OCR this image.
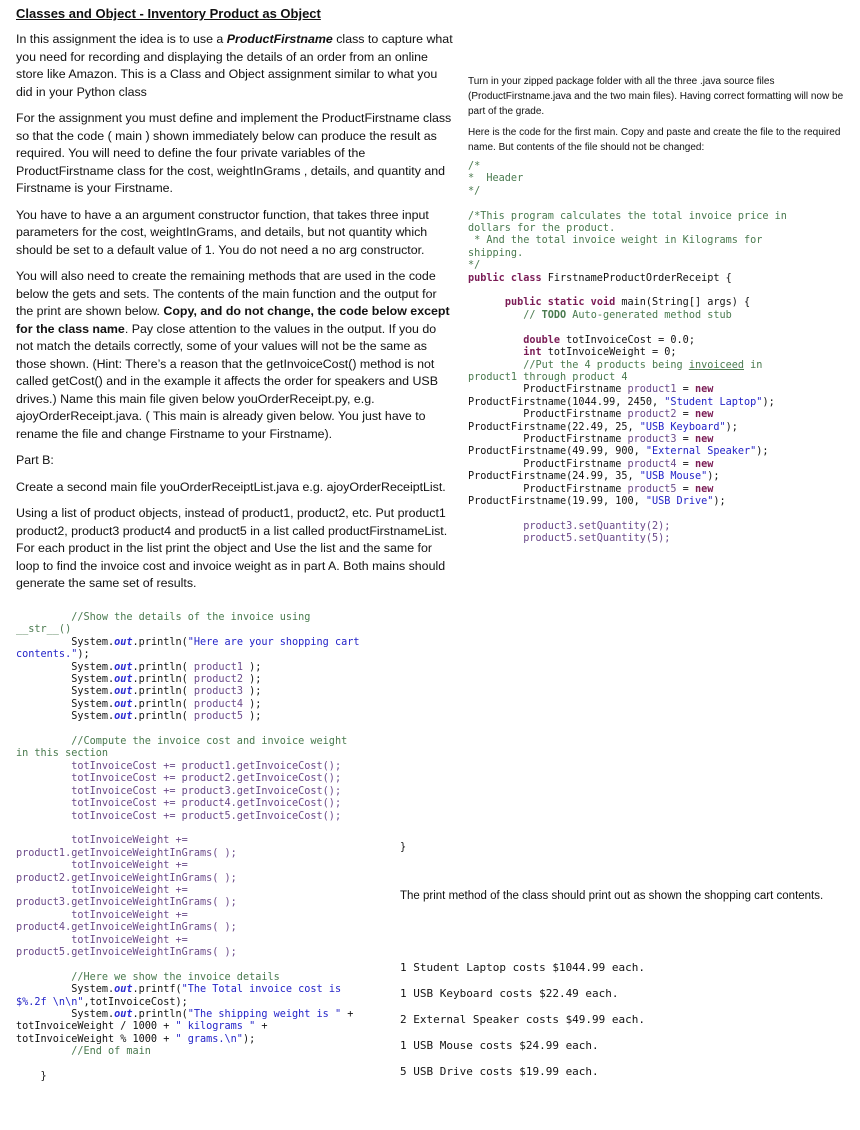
Classes and Object - Inventory Product as Object

In this assignment the idea is to use a ProductFirstname class to capture what you need for recording and displaying the details of an order from an online store like Amazon. This is a Class and Object assignment similar to what you did in your Python class

For the assignment you must define and implement the ProductFirstname class so that the code ( main ) shown immediately below can produce the result as required. You will need to define the four private variables of the ProductFirstname class for the cost, weightInGrams , details, and quantity and Firstname is your Firstname.

You have to have a an argument constructor function, that takes three input parameters for the cost, weightInGrams, and details, but not quantity which should be set to a default value of 1. You do not need a no arg constructor.

You will also need to create the remaining methods that are used in the code below the gets and sets. The contents of the main function and the output for the print are shown below. Copy, and do not change, the code below except for the class name. Pay close attention to the values in the output. If you do not match the details correctly, some of your values will not be the same as those shown. (Hint: There’s a reason that the getInvoiceCost() method is not called getCost() and in the example it affects the order for speakers and USB drives.) Name this main file given below youOrderReceipt.py, e.g. ajoyOrderReceipt.java. ( This main is already given below. You just have to rename the file and change Firstname to your Firstname).

Part B:

Create a second main file youOrderReceiptList.java e.g. ajoyOrderReceiptList.

Using a list of product objects, instead of product1, product2, etc. Put product1 product2, product3 product4 and product5 in a list called productFirstnameList. For each product in the list print the object and Use the list and the same for loop to find the invoice cost and invoice weight as in part A. Both mains should generate the same set of results.

Turn in your zipped package folder with all the three .java source files (ProductFirstname.java and the two main files). Having correct formatting will now be part of the grade.

Here is the code for the first main. Copy and paste and create the file to the required name. But contents of the file should not be changed:

/*
*  Header
*/

/*This program calculates the total invoice price in
dollars for the product.
* And the total invoice weight in Kilograms for
shipping.
*/
public class FirstnameProductOrderReceipt {

public static void main(String[] args) {
// TODO Auto-generated method stub

double totInvoiceCost = 0.0;
int totInvoiceWeight = 0;
//Put the 4 products being invoiceed in
product1 through product 4
ProductFirstname product1 = new
ProductFirstname(1044.99, 2450, "Student Laptop");
ProductFirstname product2 = new
ProductFirstname(22.49, 25, "USB Keyboard");
ProductFirstname product3 = new
ProductFirstname(49.99, 900, "External Speaker");
ProductFirstname product4 = new
ProductFirstname(24.99, 35, "USB Mouse");
ProductFirstname product5 = new
ProductFirstname(19.99, 100, "USB Drive");

product3.setQuantity(2);
product5.setQuantity(5);
//Show the details of the invoice using
__str__()
System.out.println("Here are your shopping cart
contents.");
System.out.println( product1 );
System.out.println( product2 );
System.out.println( product3 );
System.out.println( product4 );
System.out.println( product5 );

//Compute the invoice cost and invoice weight
in this section
totInvoiceCost += product1.getInvoiceCost();
totInvoiceCost += product2.getInvoiceCost();
totInvoiceCost += product3.getInvoiceCost();
totInvoiceCost += product4.getInvoiceCost();
totInvoiceCost += product5.getInvoiceCost();

totInvoiceWeight +=
product1.getInvoiceWeightInGrams( );
totInvoiceWeight +=
product2.getInvoiceWeightInGrams( );
totInvoiceWeight +=
product3.getInvoiceWeightInGrams( );
totInvoiceWeight +=
product4.getInvoiceWeightInGrams( );
totInvoiceWeight +=
product5.getInvoiceWeightInGrams( );

//Here we show the invoice details
System.out.printf("The Total invoice cost is
$%.2f \n\n",totInvoiceCost);
System.out.println("The shipping weight is " +
totInvoiceWeight / 1000 + " kilograms " +
totInvoiceWeight % 1000 + " grams.\n");
//End of main

}
}
The print method of the class should print out as shown the shopping cart contents.
1 Student Laptop costs $1044.99 each.
1 USB Keyboard costs $22.49 each.
2 External Speaker costs $49.99 each.
1 USB Mouse costs $24.99 each.
5 USB Drive costs $19.99 each.
